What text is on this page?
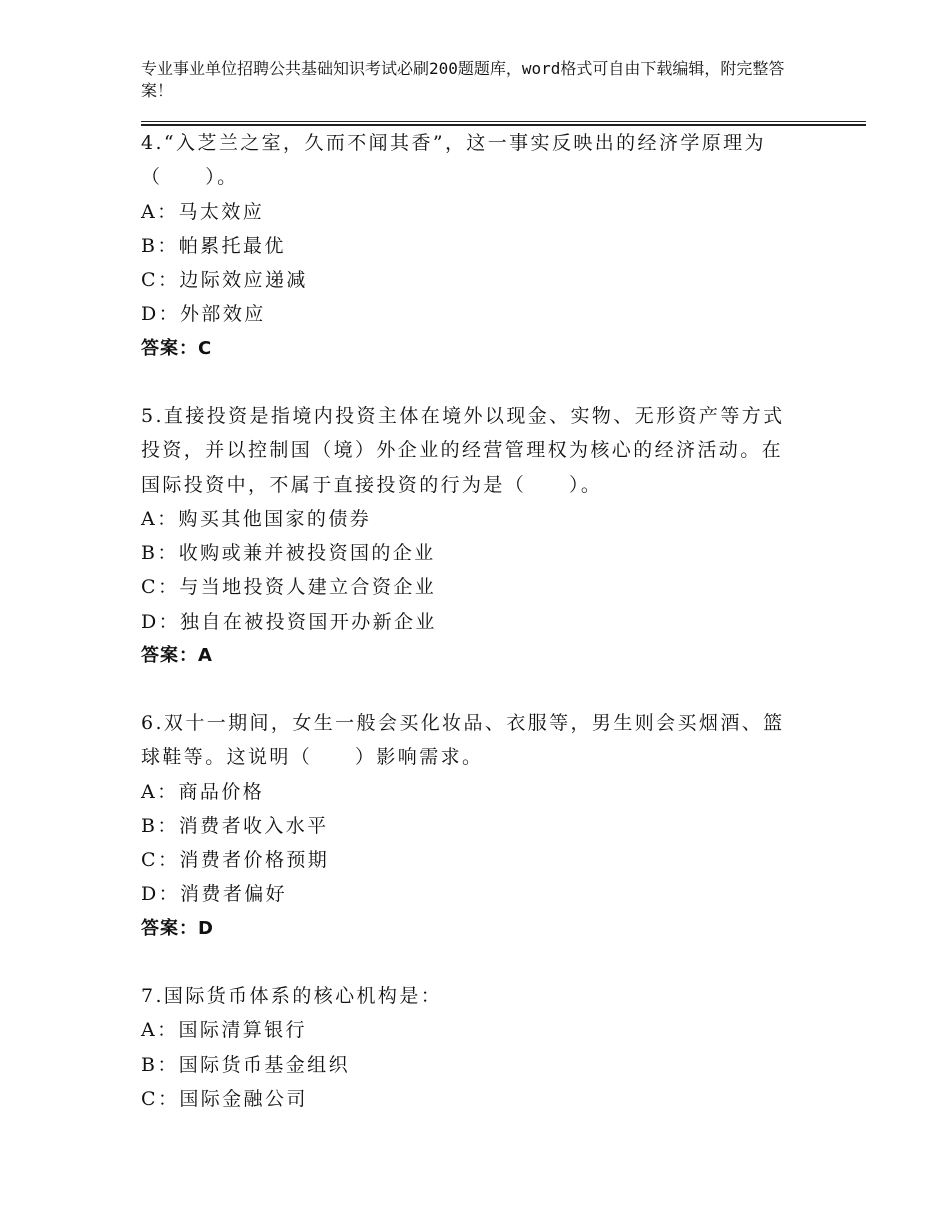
专业事业单位招聘公共基础知识考试必刷200题题库，word格式可自由下载编辑，附完整答案！

4.“入芝兰之室，久而不闻其香”，这一事实反映出的经济学原理为（　　）。

A：马太效应

B：帕累托最优

C：边际效应递减

D：外部效应

答案：C

5.直接投资是指境内投资主体在境外以现金、实物、无形资产等方式投资，并以控制国（境）外企业的经营管理权为核心的经济活动。在国际投资中，不属于直接投资的行为是（　　）。

A：购买其他国家的债券

B：收购或兼并被投资国的企业

C：与当地投资人建立合资企业

D：独自在被投资国开办新企业

答案：A

6.双十一期间，女生一般会买化妆品、衣服等，男生则会买烟酒、篮球鞋等。这说明（　　）影响需求。

A：商品价格

B：消费者收入水平

C：消费者价格预期

D：消费者偏好

答案：D

7.国际货币体系的核心机构是：

A：国际清算银行

B：国际货币基金组织

C：国际金融公司
